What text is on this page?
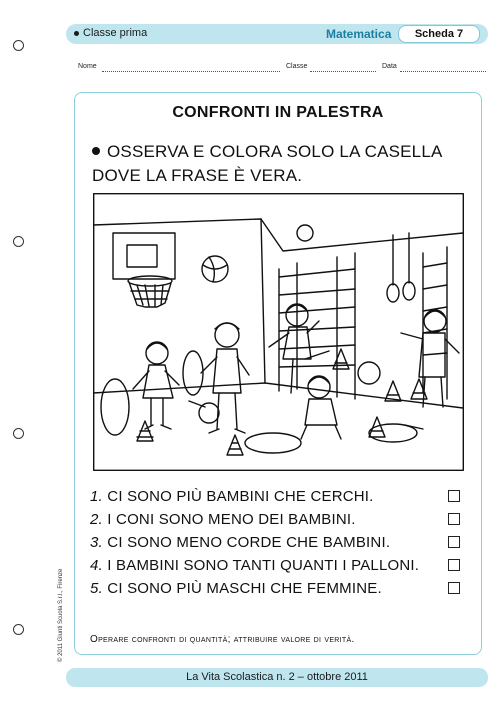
Classe prima	Matematica	Scheda 7
Nome	Classe	Data
CONFRONTI IN PALESTRA
OSSERVA E COLORA SOLO LA CASELLA DOVE LA FRASE È VERA.
1. CI SONO PIÙ BAMBINI CHE CERCHI.
2. I CONI SONO MENO DEI BAMBINI.
3. CI SONO MENO CORDE CHE BAMBINI.
4. I BAMBINI SONO TANTI QUANTI I PALLONI.
5. CI SONO PIÙ MASCHI CHE FEMMINE.
Operare confronti di quantità; attribuire valore di verità.
© 2011 Giunti Scuola S.r.l., Firenze
La Vita Scolastica n. 2 – ottobre 2011
